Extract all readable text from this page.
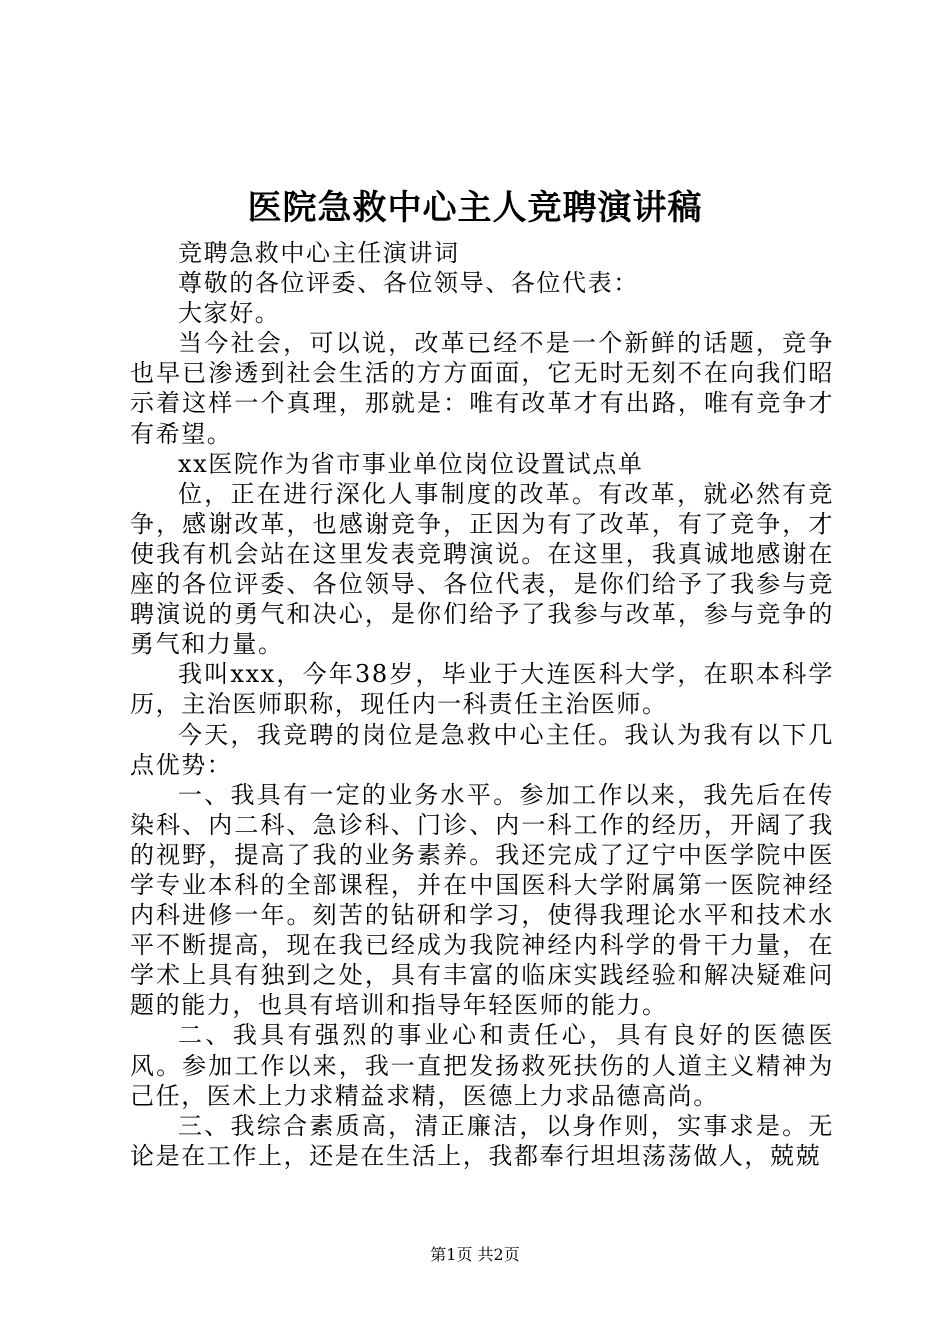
医院急救中心主人竞聘演讲稿

竞聘急救中心主任演讲词

尊敬的各位评委、各位领导、各位代表：

大家好。

当今社会，可以说，改革已经不是一个新鲜的话题，竞争也早已渗透到社会生活的方方面面，它无时无刻不在向我们昭示着这样一个真理，那就是：唯有改革才有出路，唯有竞争才有希望。

xx医院作为省市事业单位岗位设置试点单

位，正在进行深化人事制度的改革。有改革，就必然有竞争，感谢改革，也感谢竞争，正因为有了改革，有了竞争，才使我有机会站在这里发表竞聘演说。在这里，我真诚地感谢在座的各位评委、各位领导、各位代表，是你们给予了我参与竞聘演说的勇气和决心，是你们给予了我参与改革，参与竞争的勇气和力量。

我叫xxx，今年38岁，毕业于大连医科大学，在职本科学历，主治医师职称，现任内一科责任主治医师。

今天，我竞聘的岗位是急救中心主任。我认为我有以下几点优势：

一、我具有一定的业务水平。参加工作以来，我先后在传染科、内二科、急诊科、门诊、内一科工作的经历，开阔了我的视野，提高了我的业务素养。我还完成了辽宁中医学院中医学专业本科的全部课程，并在中国医科大学附属第一医院神经内科进修一年。刻苦的钻研和学习，使得我理论水平和技术水平不断提高，现在我已经成为我院神经内科学的骨干力量，在学术上具有独到之处，具有丰富的临床实践经验和解决疑难问题的能力，也具有培训和指导年轻医师的能力。

二、我具有强烈的事业心和责任心，具有良好的医德医风。参加工作以来，我一直把发扬救死扶伤的人道主义精神为己任，医术上力求精益求精，医德上力求品德高尚。

三、我综合素质高，清正廉洁，以身作则，实事求是。无论是在工作上，还是在生活上，我都奉行坦坦荡荡做人，兢兢

第1页 共2页
